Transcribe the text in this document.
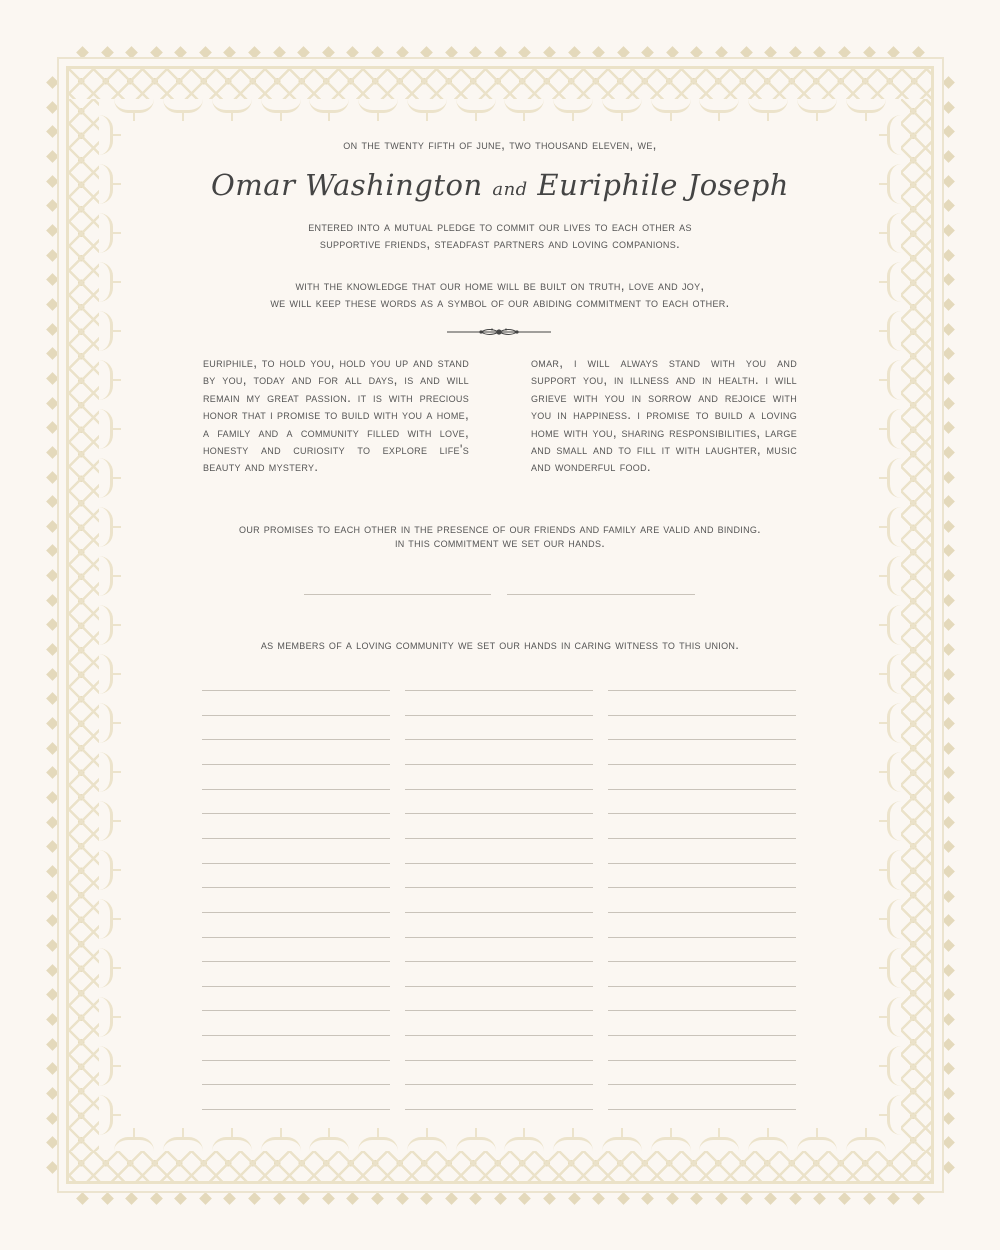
on the twenty fifth of june, two thousand eleven, we,
Omar Washington and Euriphile Joseph
entered into a mutual pledge to commit our lives to each other as
supportive friends, steadfast partners and loving companions.
with the knowledge that our home will be built on truth, love and joy,
we will keep these words as a symbol of our abiding commitment to each other.
euriphile, to hold you, hold you up and stand by you, today and for all days, is and will remain my great passion. it is with precious honor that i promise to build with you a home, a family and a community filled with love, honesty and curiosity to explore life's beauty and mystery.
omar, i will always stand with you and support you, in illness and in health. i will grieve with you in sorrow and rejoice with you in happiness. i promise to build a loving home with you, sharing responsibilities, large and small and to fill it with laughter, music and wonderful food.
our promises to each other in the presence of our friends and family are valid and binding.
in this commitment we set our hands.
as members of a loving community we set our hands in caring witness to this union.
